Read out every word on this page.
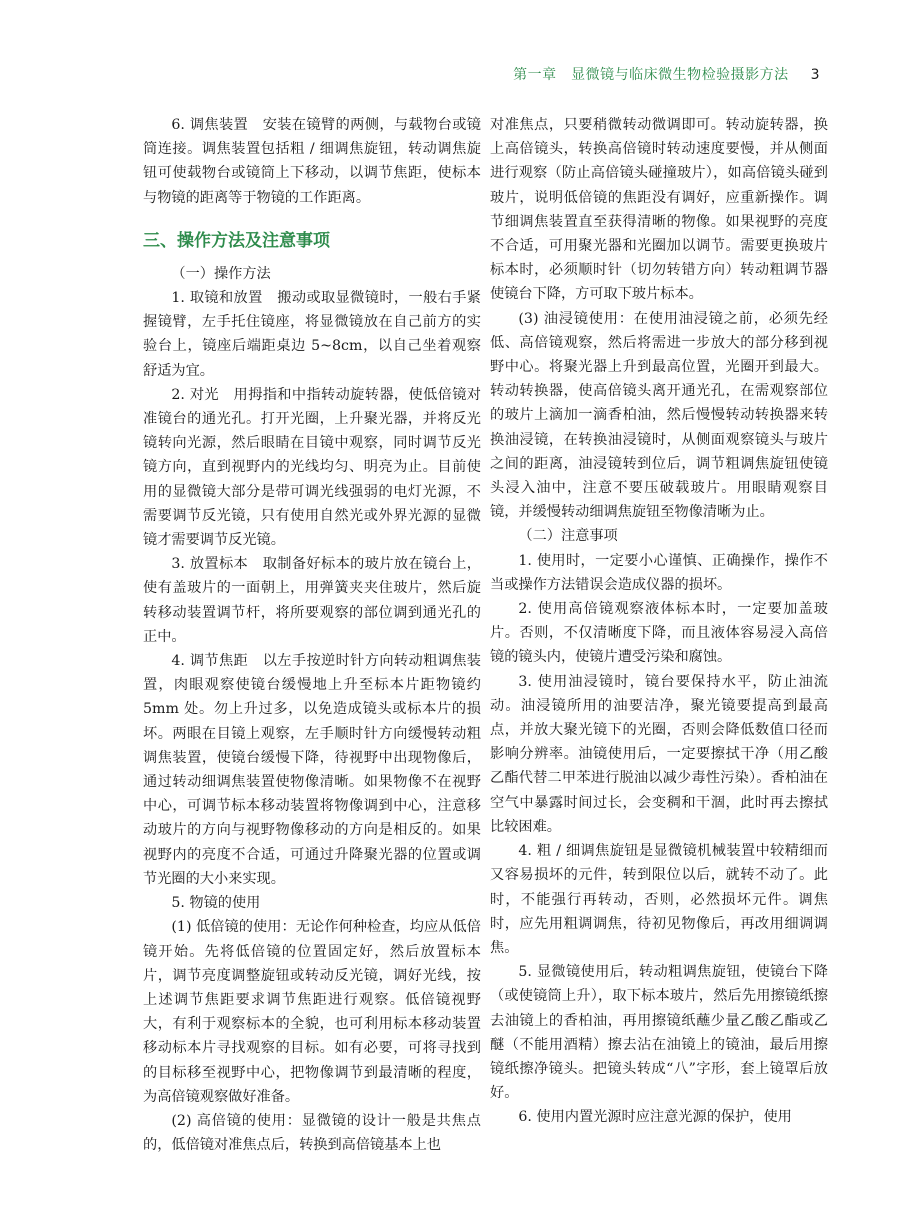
第一章　显微镜与临床微生物检验摄影方法 3

6. 调焦装置　安装在镜臂的两侧，与载物台或镜筒连接。调焦装置包括粗 / 细调焦旋钮，转动调焦旋钮可使载物台或镜筒上下移动，以调节焦距，使标本与物镜的距离等于物镜的工作距离。

三、操作方法及注意事项

（一）操作方法

1. 取镜和放置　搬动或取显微镜时，一般右手紧握镜臂，左手托住镜座，将显微镜放在自己前方的实验台上，镜座后端距桌边 5~8cm，以自己坐着观察舒适为宜。

2. 对光　用拇指和中指转动旋转器，使低倍镜对准镜台的通光孔。打开光圈，上升聚光器，并将反光镜转向光源，然后眼睛在目镜中观察，同时调节反光镜方向，直到视野内的光线均匀、明亮为止。目前使用的显微镜大部分是带可调光线强弱的电灯光源，不需要调节反光镜，只有使用自然光或外界光源的显微镜才需要调节反光镜。

3. 放置标本　取制备好标本的玻片放在镜台上，使有盖玻片的一面朝上，用弹簧夹夹住玻片，然后旋转移动装置调节杆，将所要观察的部位调到通光孔的正中。

4. 调节焦距　以左手按逆时针方向转动粗调焦装置，肉眼观察使镜台缓慢地上升至标本片距物镜约 5mm 处。勿上升过多，以免造成镜头或标本片的损坏。两眼在目镜上观察，左手顺时针方向缓慢转动粗调焦装置，使镜台缓慢下降，待视野中出现物像后，通过转动细调焦装置使物像清晰。如果物像不在视野中心，可调节标本移动装置将物像调到中心，注意移动玻片的方向与视野物像移动的方向是相反的。如果视野内的亮度不合适，可通过升降聚光器的位置或调节光圈的大小来实现。

5. 物镜的使用

(1) 低倍镜的使用：无论作何种检查，均应从低倍镜开始。先将低倍镜的位置固定好，然后放置标本片，调节亮度调整旋钮或转动反光镜，调好光线，按上述调节焦距要求调节焦距进行观察。低倍镜视野大，有利于观察标本的全貌，也可利用标本移动装置移动标本片寻找观察的目标。如有必要，可将寻找到的目标移至视野中心，把物像调节到最清晰的程度，为高倍镜观察做好准备。

(2) 高倍镜的使用：显微镜的设计一般是共焦点的，低倍镜对准焦点后，转换到高倍镜基本上也

对准焦点，只要稍微转动微调即可。转动旋转器，换上高倍镜头，转换高倍镜时转动速度要慢，并从侧面进行观察（防止高倍镜头碰撞玻片），如高倍镜头碰到玻片，说明低倍镜的焦距没有调好，应重新操作。调节细调焦装置直至获得清晰的物像。如果视野的亮度不合适，可用聚光器和光圈加以调节。需要更换玻片标本时，必须顺时针（切勿转错方向）转动粗调节器使镜台下降，方可取下玻片标本。

(3) 油浸镜使用：在使用油浸镜之前，必须先经低、高倍镜观察，然后将需进一步放大的部分移到视野中心。将聚光器上升到最高位置，光圈开到最大。转动转换器，使高倍镜头离开通光孔，在需观察部位的玻片上滴加一滴香柏油，然后慢慢转动转换器来转换油浸镜，在转换油浸镜时，从侧面观察镜头与玻片之间的距离，油浸镜转到位后，调节粗调焦旋钮使镜头浸入油中，注意不要压破载玻片。用眼睛观察目镜，并缓慢转动细调焦旋钮至物像清晰为止。

（二）注意事项

1. 使用时，一定要小心谨慎、正确操作，操作不当或操作方法错误会造成仪器的损坏。

2. 使用高倍镜观察液体标本时，一定要加盖玻片。否则，不仅清晰度下降，而且液体容易浸入高倍镜的镜头内，使镜片遭受污染和腐蚀。

3. 使用油浸镜时，镜台要保持水平，防止油流动。油浸镜所用的油要洁净，聚光镜要提高到最高点，并放大聚光镜下的光圈，否则会降低数值口径而影响分辨率。油镜使用后，一定要擦拭干净（用乙酸乙酯代替二甲苯进行脱油以减少毒性污染）。香柏油在空气中暴露时间过长，会变稠和干涸，此时再去擦拭比较困难。

4. 粗 / 细调焦旋钮是显微镜机械装置中较精细而又容易损坏的元件，转到限位以后，就转不动了。此时，不能强行再转动，否则，必然损坏元件。调焦时，应先用粗调调焦，待初见物像后，再改用细调调焦。

5. 显微镜使用后，转动粗调焦旋钮，使镜台下降（或使镜筒上升），取下标本玻片，然后先用擦镜纸擦去油镜上的香柏油，再用擦镜纸蘸少量乙酸乙酯或乙醚（不能用酒精）擦去沾在油镜上的镜油，最后用擦镜纸擦净镜头。把镜头转成“八”字形，套上镜罩后放好。

6. 使用内置光源时应注意光源的保护，使用
